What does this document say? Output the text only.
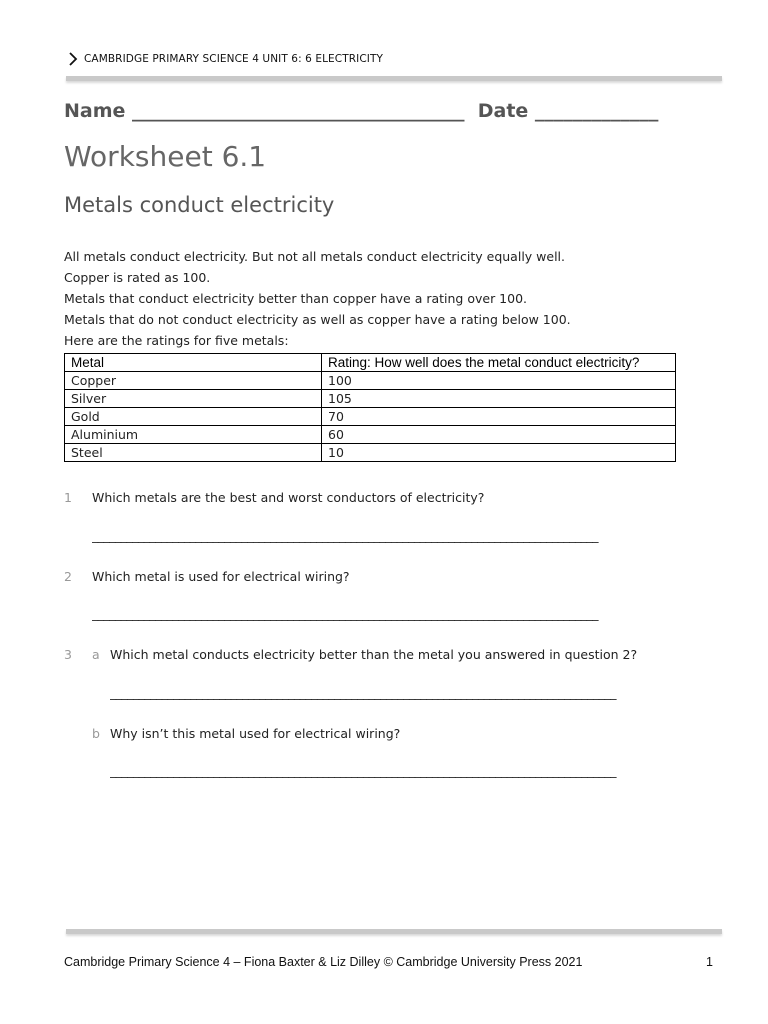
CAMBRIDGE PRIMARY SCIENCE 4 UNIT 6: 6 ELECTRICITY
Name ___________________________________  Date _____________
Worksheet 6.1
Metals conduct electricity
All metals conduct electricity. But not all metals conduct electricity equally well.
Copper is rated as 100.
Metals that conduct electricity better than copper have a rating over 100.
Metals that do not conduct electricity as well as copper have a rating below 100.
Here are the ratings for five metals:
Metal	Rating: How well does the metal conduct electricity?
Copper	100
Silver	105
Gold	70
Aluminium	60
Steel	10
1 Which metals are the best and worst conductors of electricity?
________________________________________________________________________________________
2 Which metal is used for electrical wiring?
________________________________________________________________________________________
3 a Which metal conducts electricity better than the metal you answered in question 2?
________________________________________________________________________________________
b Why isn’t this metal used for electrical wiring?
________________________________________________________________________________________
Cambridge Primary Science 4 – Fiona Baxter & Liz Dilley © Cambridge University Press 2021	1
